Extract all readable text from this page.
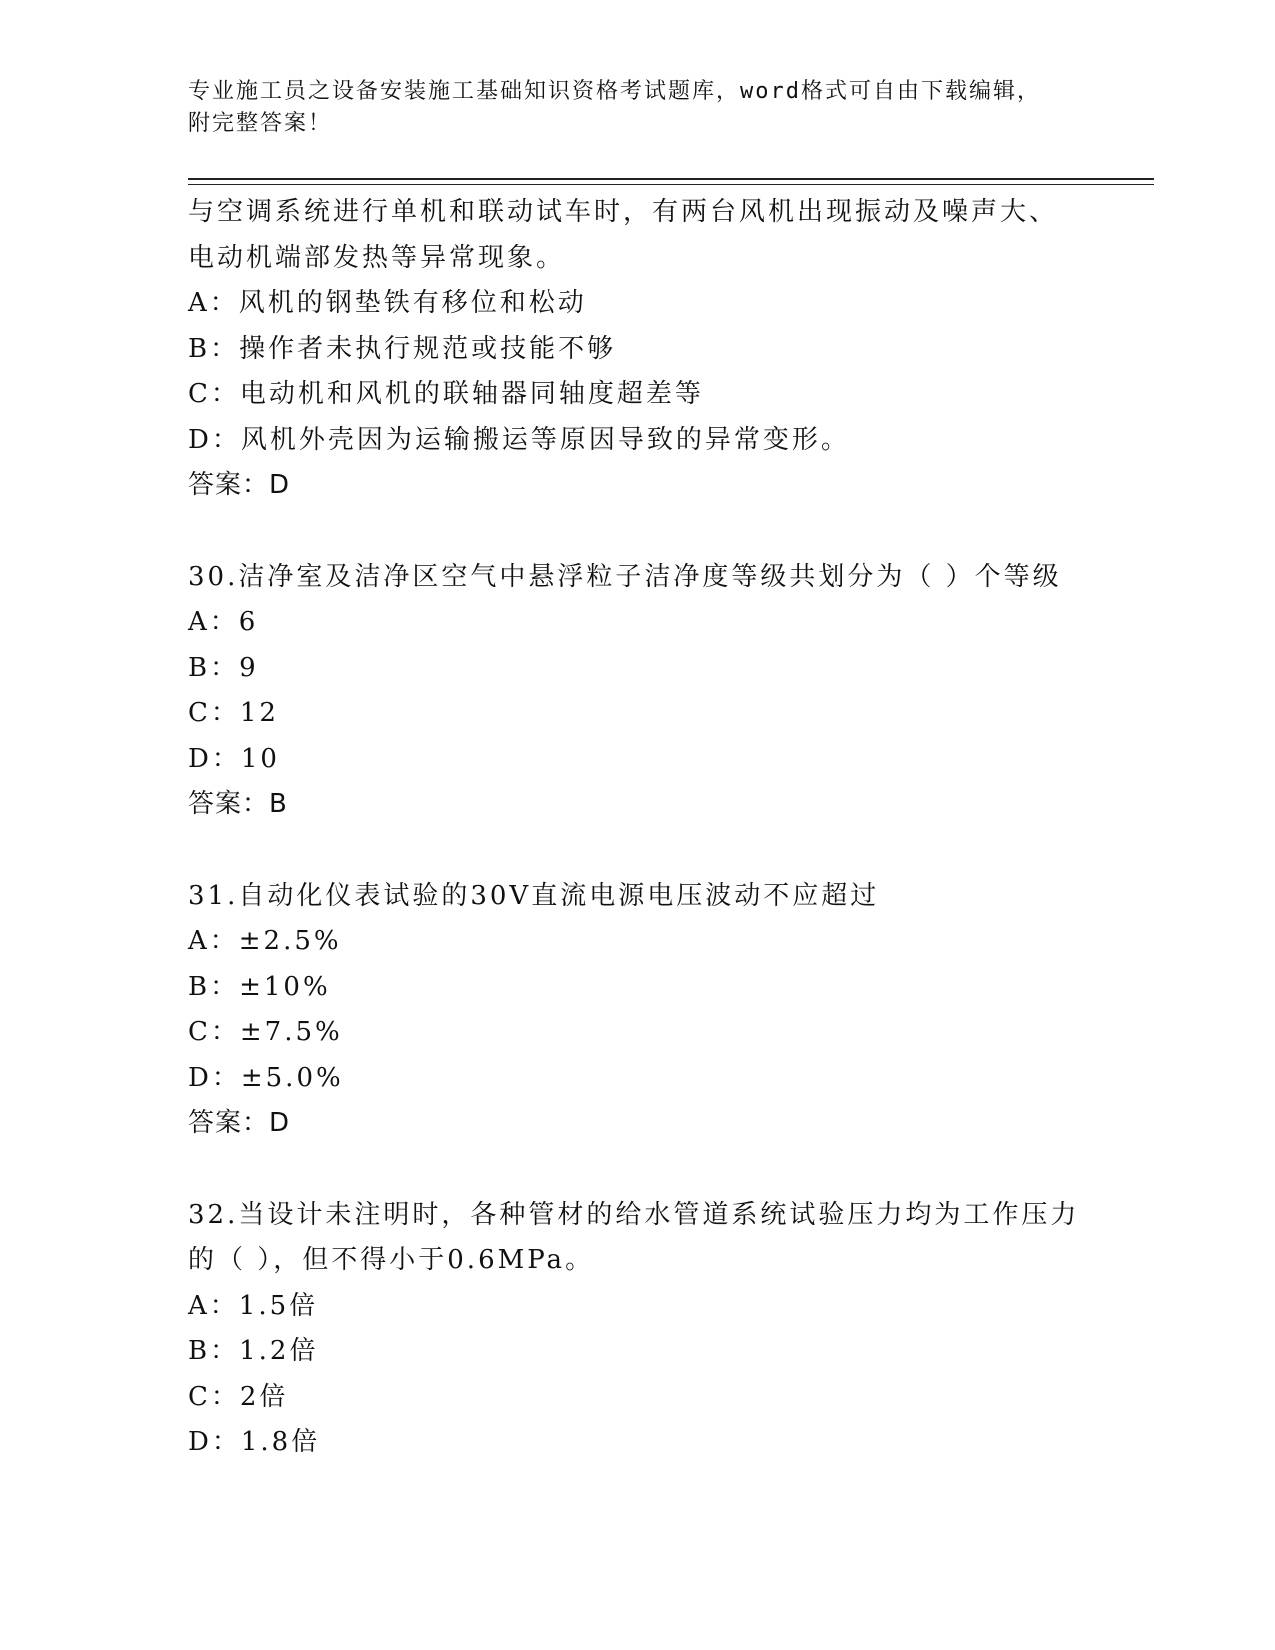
专业施工员之设备安装施工基础知识资格考试题库，word格式可自由下载编辑，
附完整答案！
与空调系统进行单机和联动试车时，有两台风机出现振动及噪声大、
电动机端部发热等异常现象。
A：风机的钢垫铁有移位和松动
B：操作者未执行规范或技能不够
C：电动机和风机的联轴器同轴度超差等
D：风机外壳因为运输搬运等原因导致的异常变形。
答案：D
30.洁净室及洁净区空气中悬浮粒子洁净度等级共划分为（ ）个等级
A：6
B：9
C：12
D：10
答案：B
31.自动化仪表试验的30V直流电源电压波动不应超过
A：±2.5%
B：±10%
C：±7.5%
D：±5.0%
答案：D
32.当设计未注明时，各种管材的给水管道系统试验压力均为工作压力
的（ ），但不得小于0.6MPa。
A：1.5倍
B：1.2倍
C：2倍
D：1.8倍
